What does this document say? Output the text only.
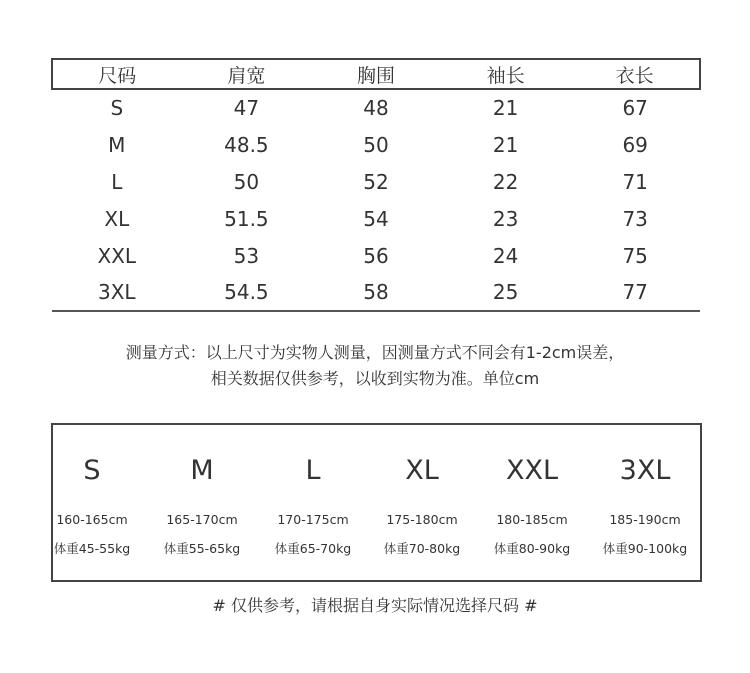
尺码	肩宽	胸围	袖长	衣长
S	47	48	21	67
M	48.5	50	21	69
L	50	52	22	71
XL	51.5	54	23	73
XXL	53	56	24	75
3XL	54.5	58	25	77
测量方式：以上尺寸为实物人测量，因测量方式不同会有1-2cm误差，
相关数据仅供参考，以收到实物为准。单位cm
S
160-165cm
体重45-55kg
M
165-170cm
体重55-65kg
L
170-175cm
体重65-70kg
XL
175-180cm
体重70-80kg
XXL
180-185cm
体重80-90kg
3XL
185-190cm
体重90-100kg
# 仅供参考，请根据自身实际情况选择尺码 #
